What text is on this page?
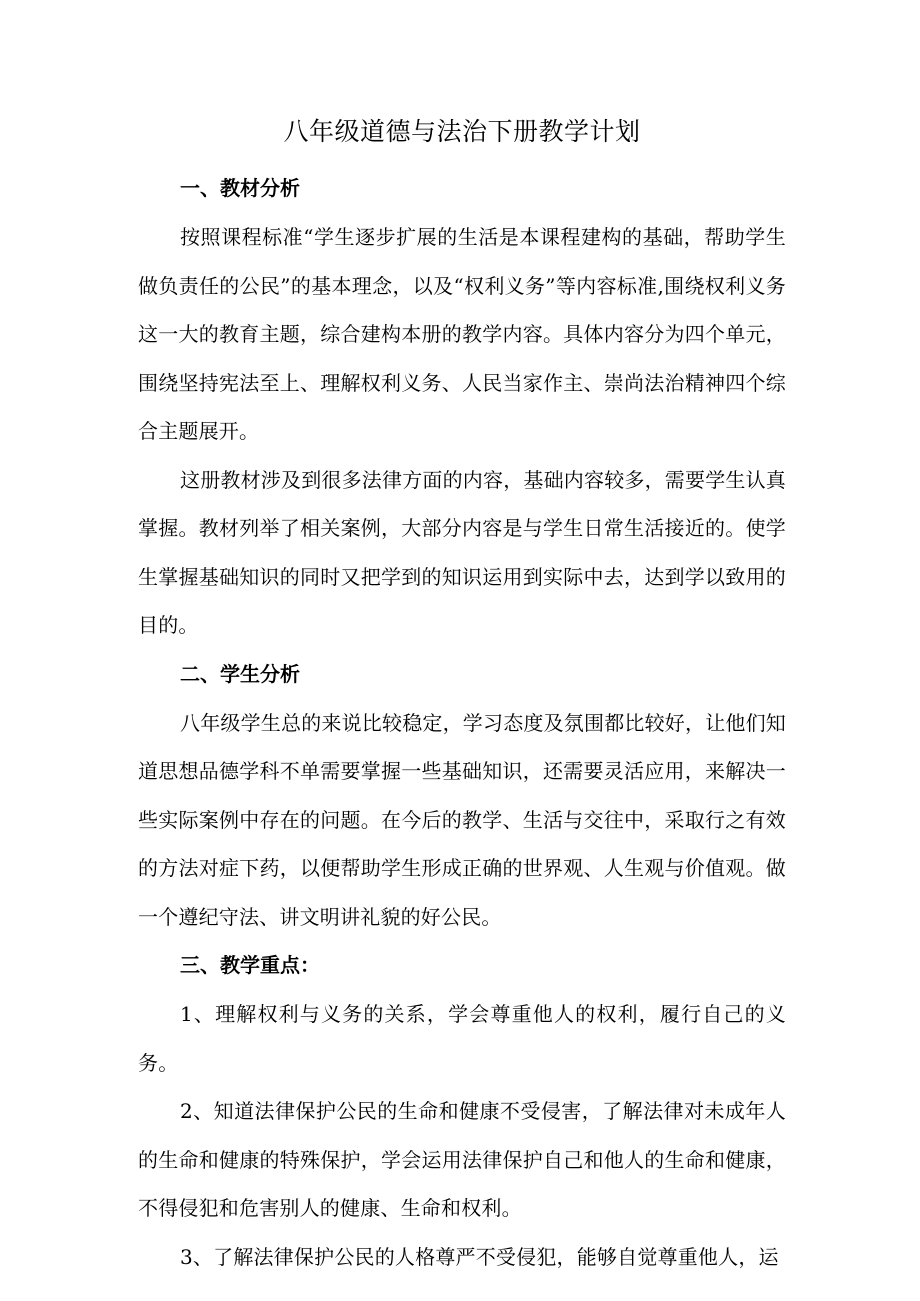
八年级道德与法治下册教学计划
一、教材分析

按照课程标准“学生逐步扩展的生活是本课程建构的基础，帮助学生做负责任的公民”的基本理念，以及“权利义务”等内容标准,围绕权利义务这一大的教育主题，综合建构本册的教学内容。具体内容分为四个单元，围绕坚持宪法至上、理解权利义务、人民当家作主、崇尚法治精神四个综合主题展开。

这册教材涉及到很多法律方面的内容，基础内容较多，需要学生认真掌握。教材列举了相关案例，大部分内容是与学生日常生活接近的。使学生掌握基础知识的同时又把学到的知识运用到实际中去，达到学以致用的目的。

二、学生分析

八年级学生总的来说比较稳定，学习态度及氛围都比较好，让他们知道思想品德学科不单需要掌握一些基础知识，还需要灵活应用，来解决一些实际案例中存在的问题。在今后的教学、生活与交往中，采取行之有效的方法对症下药，以便帮助学生形成正确的世界观、人生观与价值观。做一个遵纪守法、讲文明讲礼貌的好公民。

三、教学重点：

1、理解权利与义务的关系，学会尊重他人的权利，履行自己的义务。

2、知道法律保护公民的生命和健康不受侵害，了解法律对未成年人的生命和健康的特殊保护，学会运用法律保护自己和他人的生命和健康，不得侵犯和危害别人的健康、生命和权利。

3、了解法律保护公民的人格尊严不受侵犯，能够自觉尊重他人，运
